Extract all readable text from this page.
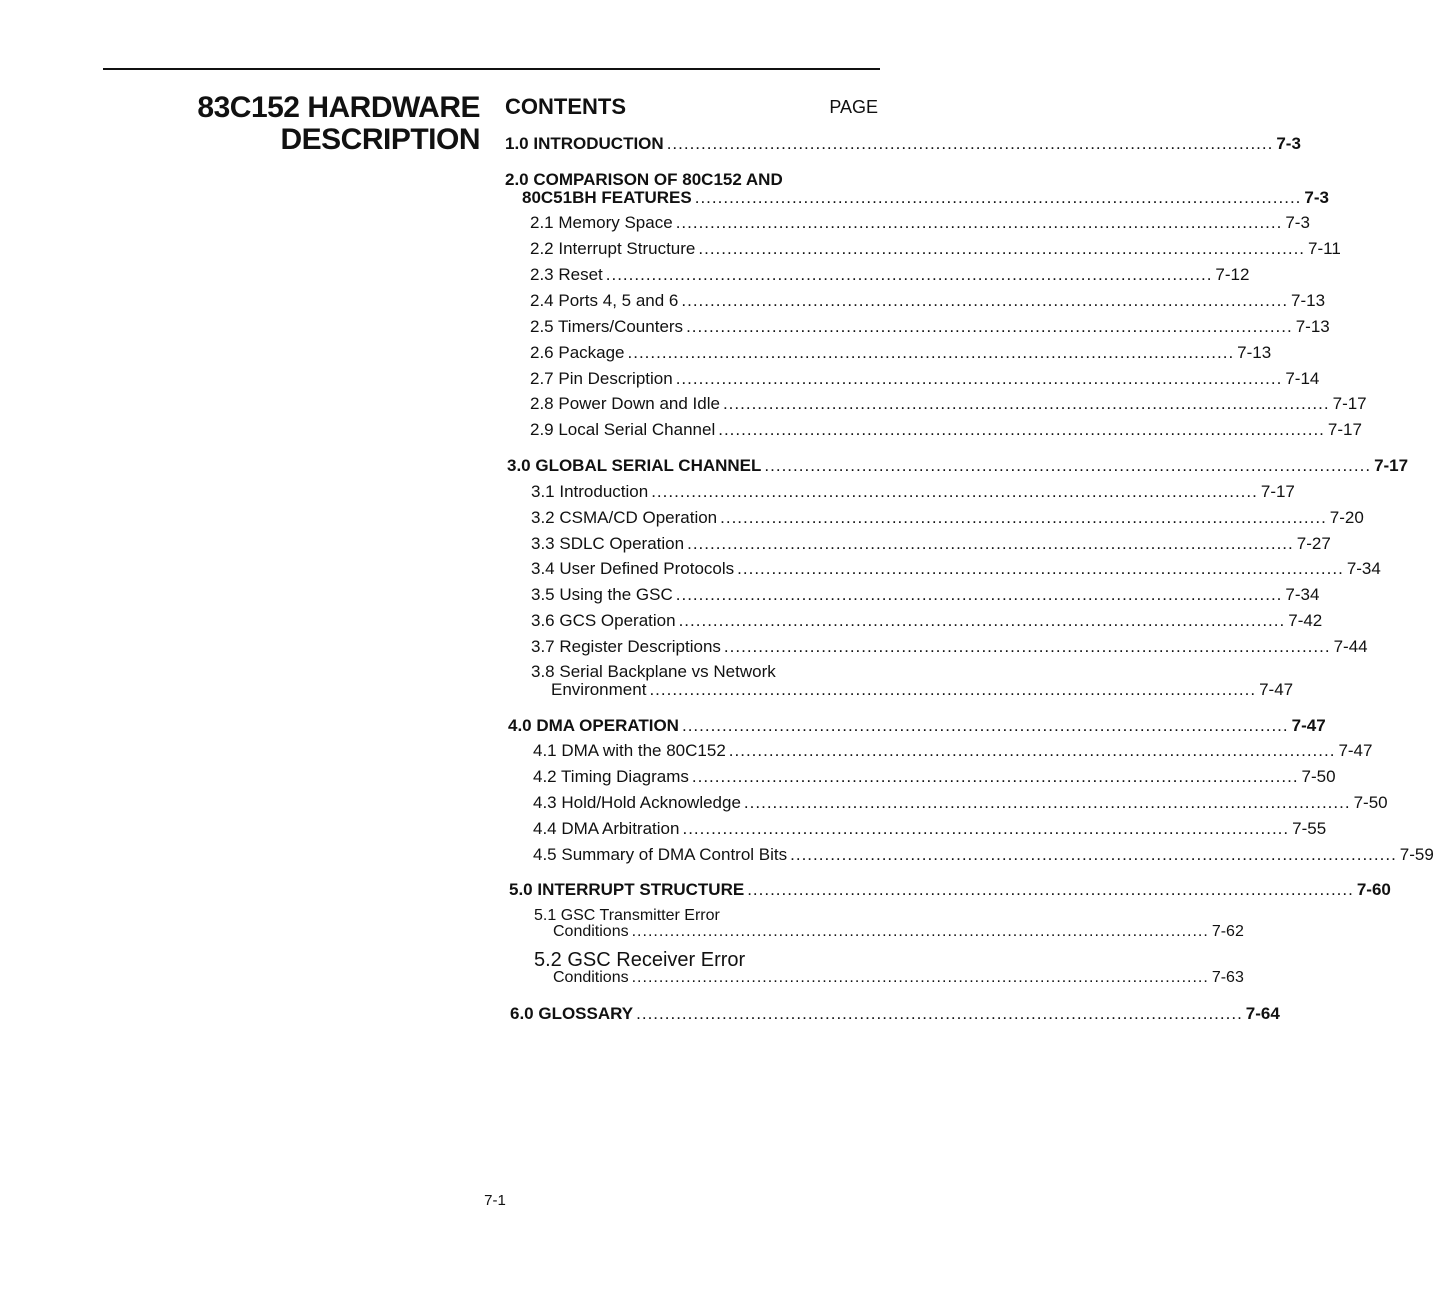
83C152 HARDWARE
DESCRIPTION
CONTENTS	PAGE
1.0 INTRODUCTION .......................................................................................................... 7-3
2.0 COMPARISON OF 80C152 AND
80C51BH FEATURES .......................................................................................................... 7-3
2.1 Memory Space .......................................................................................................... 7-3
2.2 Interrupt Structure .......................................................................................................... 7-11
2.3 Reset .......................................................................................................... 7-12
2.4 Ports 4, 5 and 6 .......................................................................................................... 7-13
2.5 Timers/Counters .......................................................................................................... 7-13
2.6 Package .......................................................................................................... 7-13
2.7 Pin Description .......................................................................................................... 7-14
2.8 Power Down and Idle .......................................................................................................... 7-17
2.9 Local Serial Channel .......................................................................................................... 7-17
3.0 GLOBAL SERIAL CHANNEL .......................................................................................................... 7-17
3.1 Introduction .......................................................................................................... 7-17
3.2 CSMA/CD Operation .......................................................................................................... 7-20
3.3 SDLC Operation .......................................................................................................... 7-27
3.4 User Defined Protocols .......................................................................................................... 7-34
3.5 Using the GSC .......................................................................................................... 7-34
3.6 GCS Operation .......................................................................................................... 7-42
3.7 Register Descriptions .......................................................................................................... 7-44
3.8 Serial Backplane vs Network
Environment .......................................................................................................... 7-47
4.0 DMA OPERATION .......................................................................................................... 7-47
4.1 DMA with the 80C152 .......................................................................................................... 7-47
4.2 Timing Diagrams .......................................................................................................... 7-50
4.3 Hold/Hold Acknowledge .......................................................................................................... 7-50
4.4 DMA Arbitration .......................................................................................................... 7-55
4.5 Summary of DMA Control Bits .......................................................................................................... 7-59
5.0 INTERRUPT STRUCTURE .......................................................................................................... 7-60
5.1 GSC Transmitter Error
Conditions .......................................................................................................... 7-62
5.2 GSC Receiver Error
Conditions .......................................................................................................... 7-63
6.0 GLOSSARY .......................................................................................................... 7-64
7-1
